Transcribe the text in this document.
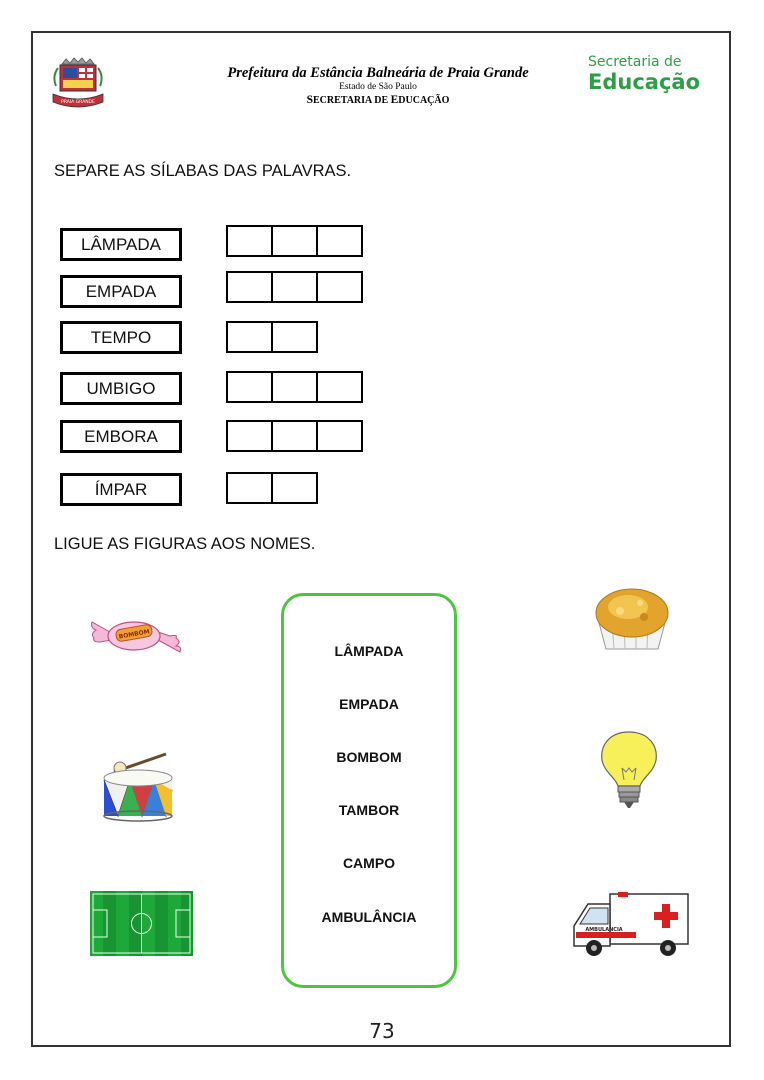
PRAIA GRANDE
Prefeitura da Estância Balneária de Praia Grande
Estado de São Paulo
SECRETARIA DE EDUCAÇÃO
Secretaria de
Educação
SEPARE AS SÍLABAS DAS PALAVRAS.
LÂMPADA
EMPADA
TEMPO
UMBIGO
EMBORA
ÍMPAR
LIGUE AS FIGURAS AOS NOMES.
LÂMPADA
EMPADA
BOMBOM
TAMBOR
CAMPO
AMBULÂNCIA
BOMBOM
AMBULANCIA
73
